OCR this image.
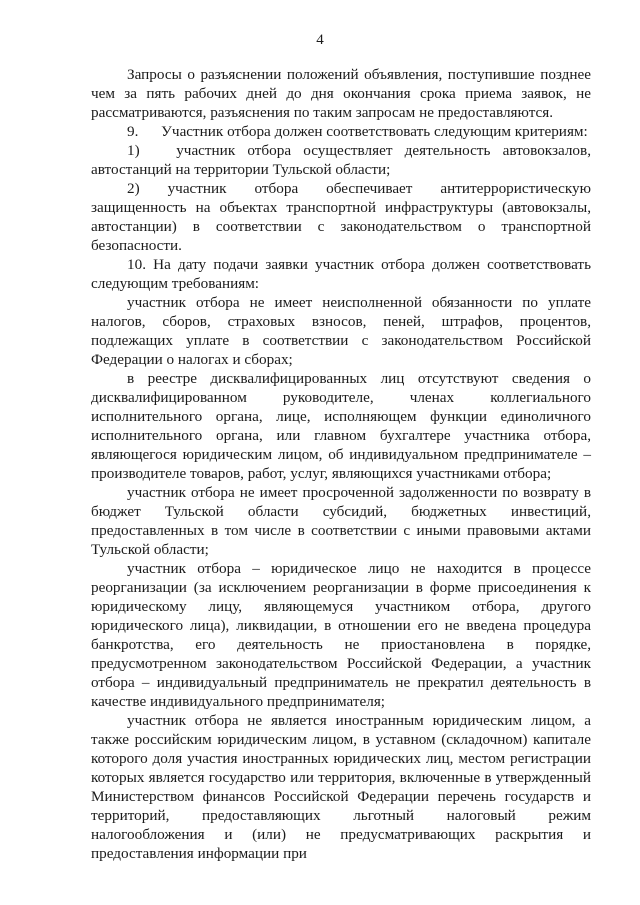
4

Запросы о разъяснении положений объявления, поступившие позднее чем за пять рабочих дней до дня окончания срока приема заявок, не рассматриваются, разъяснения по таким запросам не предоставляются.

9.      Участник отбора должен соответствовать следующим критериям:

1)   участник отбора осуществляет деятельность автовокзалов, автостанций на территории Тульской области;

2) участник отбора обеспечивает антитеррористическую защищенность на объектах транспортной инфраструктуры (автовокзалы, автостанции) в соответствии с законодательством о транспортной безопасности.

10. На дату подачи заявки участник отбора должен соответствовать следующим требованиям:

участник отбора не имеет неисполненной обязанности по уплате налогов, сборов, страховых взносов, пеней, штрафов, процентов, подлежащих уплате в соответствии с законодательством Российской Федерации о налогах и сборах;

в реестре дисквалифицированных лиц отсутствуют сведения о дисквалифицированном руководителе, членах коллегиального исполнительного органа, лице, исполняющем функции единоличного исполнительного органа, или главном бухгалтере участника отбора, являющегося юридическим лицом, об индивидуальном предпринимателе – производителе товаров, работ, услуг, являющихся участниками отбора;

участник отбора не имеет просроченной задолженности по возврату в бюджет Тульской области субсидий, бюджетных инвестиций, предоставленных в том числе в соответствии с иными правовыми актами Тульской области;

участник отбора – юридическое лицо не находится в процессе реорганизации (за исключением реорганизации в форме присоединения к юридическому лицу, являющемуся участником отбора, другого юридического лица), ликвидации, в отношении его не введена процедура банкротства, его деятельность не приостановлена в порядке, предусмотренном законодательством Российской Федерации, а участник отбора – индивидуальный предприниматель не прекратил деятельность в качестве индивидуального предпринимателя;

участник отбора не является иностранным юридическим лицом, а также российским юридическим лицом, в уставном (складочном) капитале которого доля участия иностранных юридических лиц, местом регистрации которых является государство или территория, включенные в утвержденный Министерством финансов Российской Федерации перечень государств и территорий, предоставляющих льготный налоговый режим налогообложения и (или) не предусматривающих раскрытия и предоставления информации при
